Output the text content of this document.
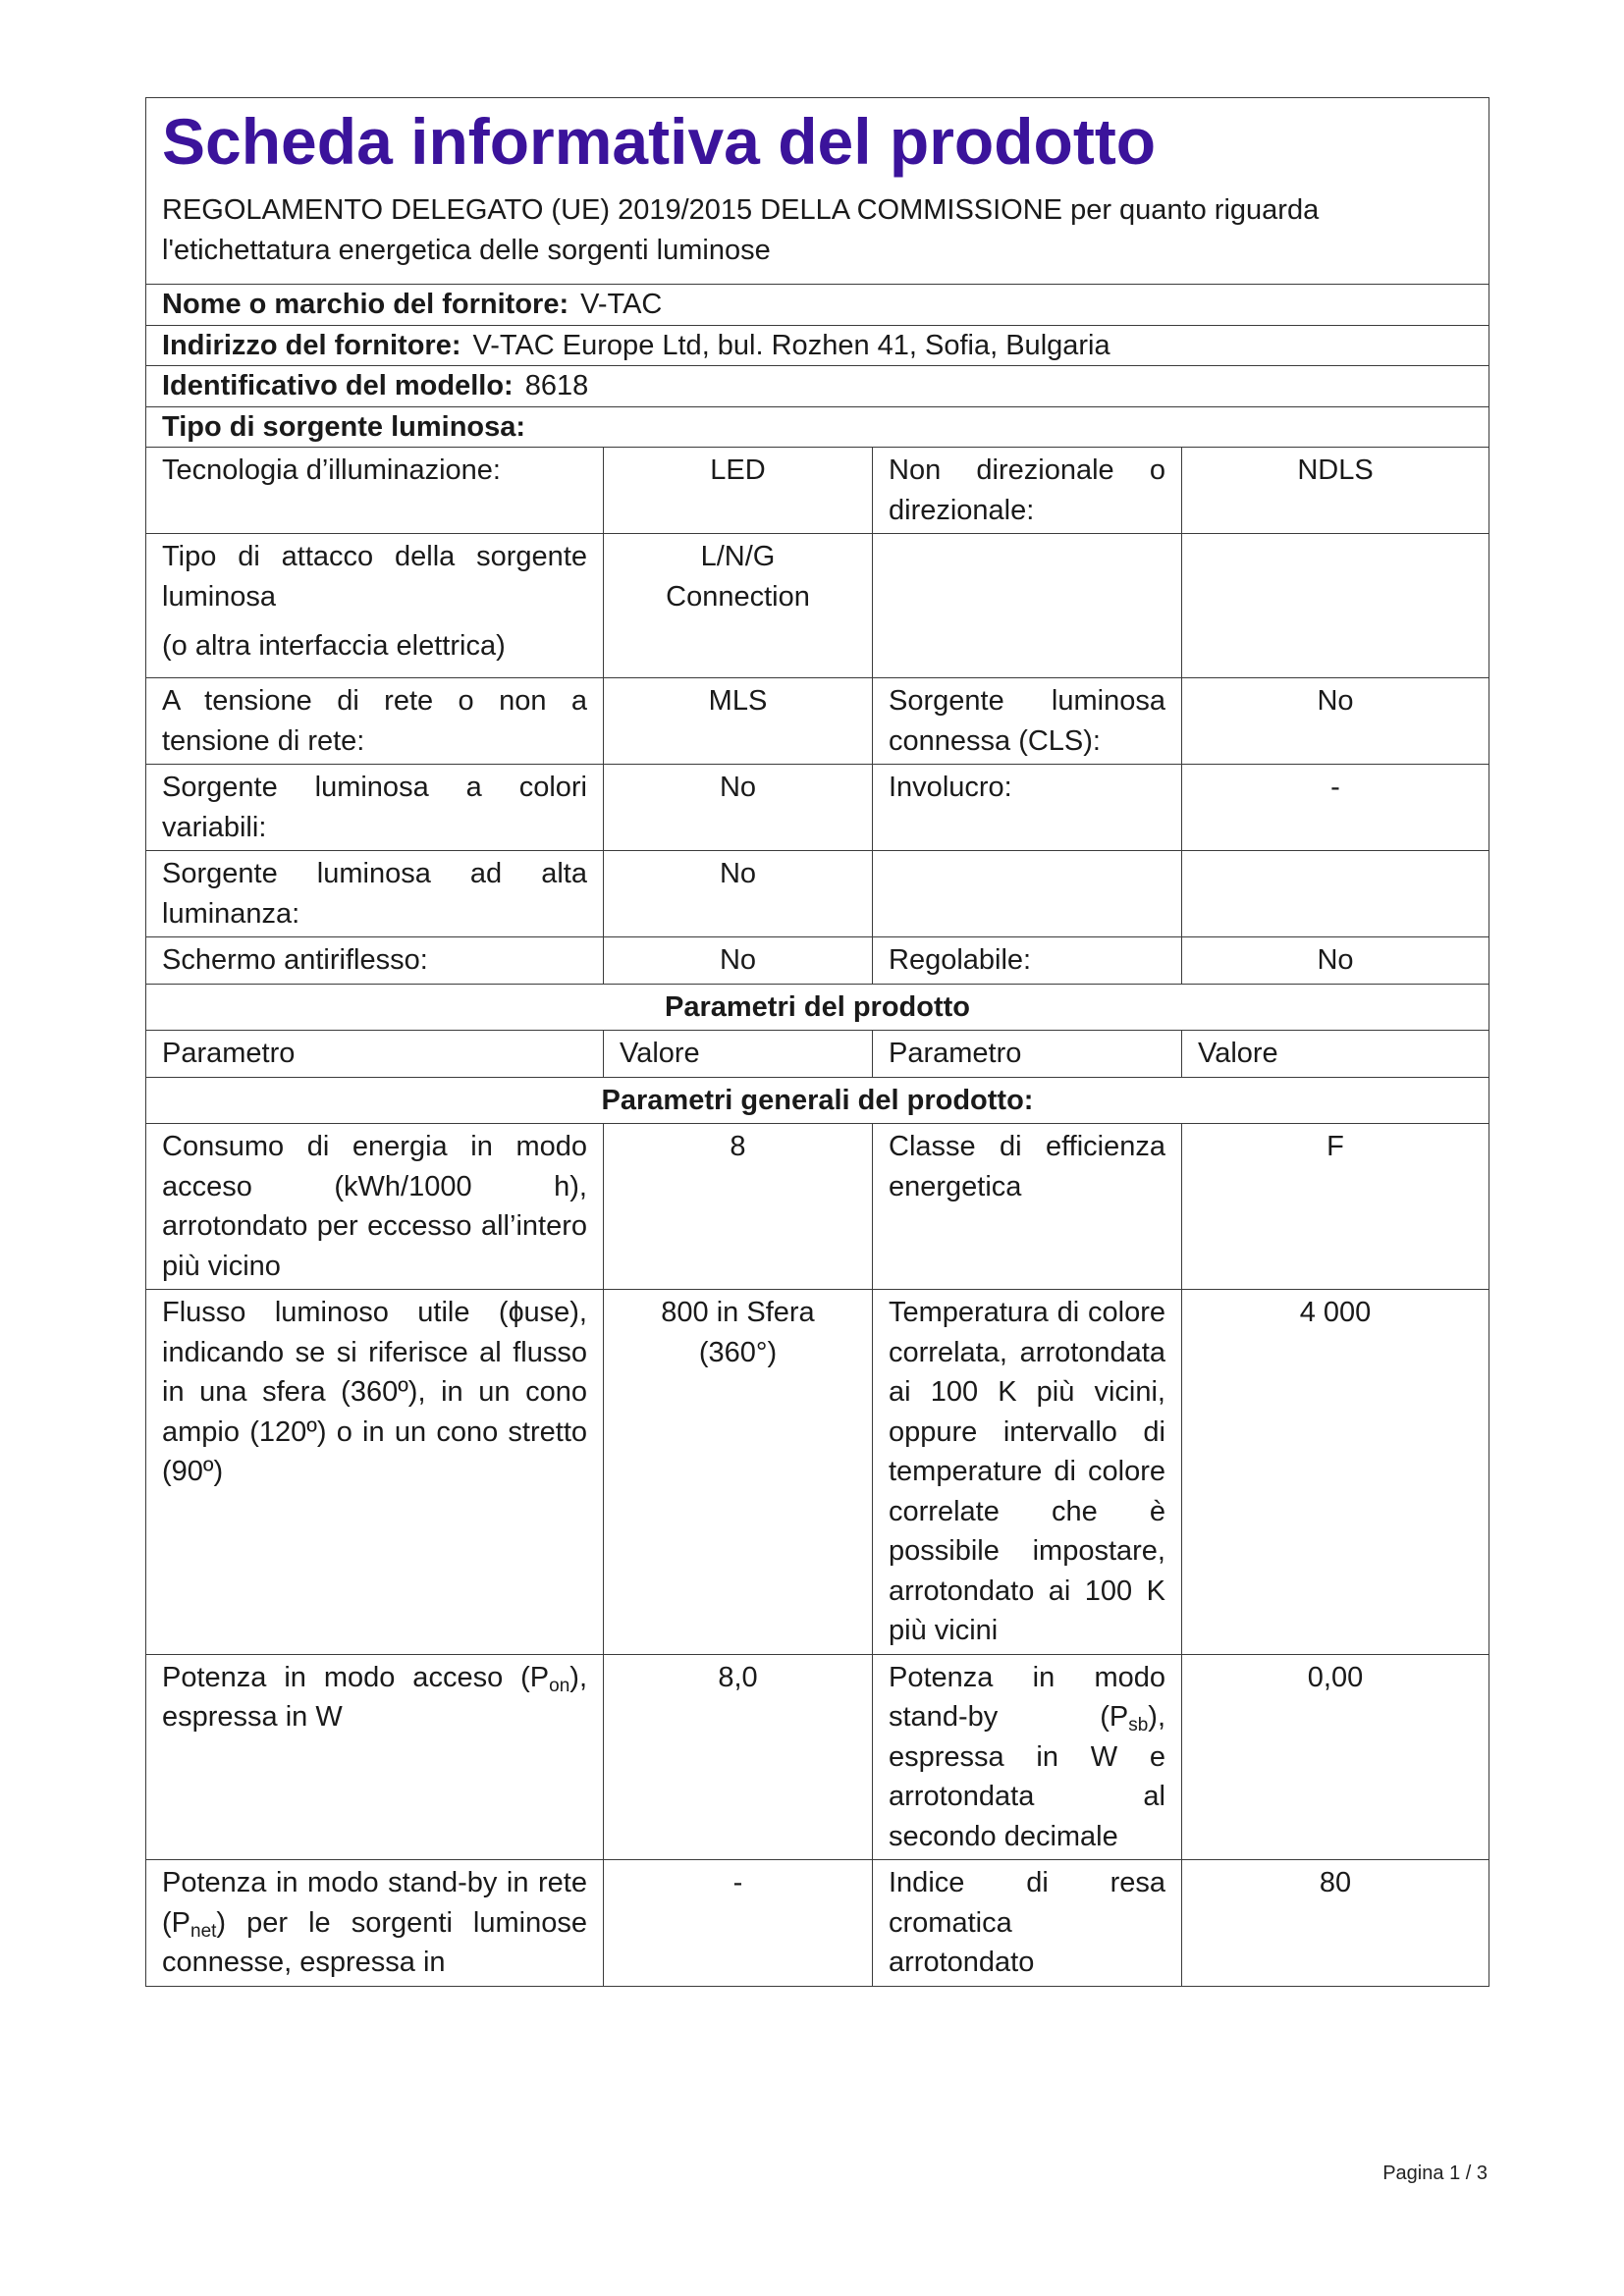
Scheda informativa del prodotto
REGOLAMENTO DELEGATO (UE) 2019/2015 DELLA COMMISSIONE per quanto riguarda l'etichettatura energetica delle sorgenti luminose			

Nome o marchio del fornitore: V-TAC			
Indirizzo del fornitore: V-TAC Europe Ltd, bul. Rozhen 41, Sofia, Bulgaria			
Identificativo del modello: 8618			
Tipo di sorgente luminosa:			
Tecnologia d’illuminazione:	LED	Non direzionale o direzionale:	NDLS

Tipo di attacco della sorgente luminosa
(o altra interfaccia elettrica)	L/N/G Connection		
A tensione di rete o non a tensione di rete:	MLS	Sorgente luminosa connessa (CLS):	No
Sorgente luminosa a colori variabili:	No	Involucro:	-
Sorgente luminosa ad alta luminanza:	No		
Schermo antiriflesso:	No	Regolabile:	No
Parametri del prodotto			
Parametro	Valore	Parametro	Valore
Parametri generali del prodotto:			
Consumo di energia in modo acceso (kWh/1000 h), arrotondato per eccesso all’intero più vicino	8	Classe di efficienza energetica	F
Flusso luminoso utile (ɸuse), indicando se si riferisce al flusso in una sfera (360º), in un cono ampio (120º) o in un cono stretto (90º)	800 in Sfera (360°)	Temperatura di colore correlata, arrotondata ai 100 K più vicini, oppure intervallo di temperature di colore correlate che è possibile impostare, arrotondato ai 100 K più vicini	4 000
Potenza in modo acceso $(P_{on})$, espressa in W	8,0	Potenza in modo stand-by $(P_{sb})$, espressa in W e arrotondata al secondo decimale	0,00
Potenza in modo stand-by in rete $(P_{net})$ per le sorgenti luminose connesse, espressa in	-	Indice di resa cromatica arrotondato	80
Pagina 1 / 3
